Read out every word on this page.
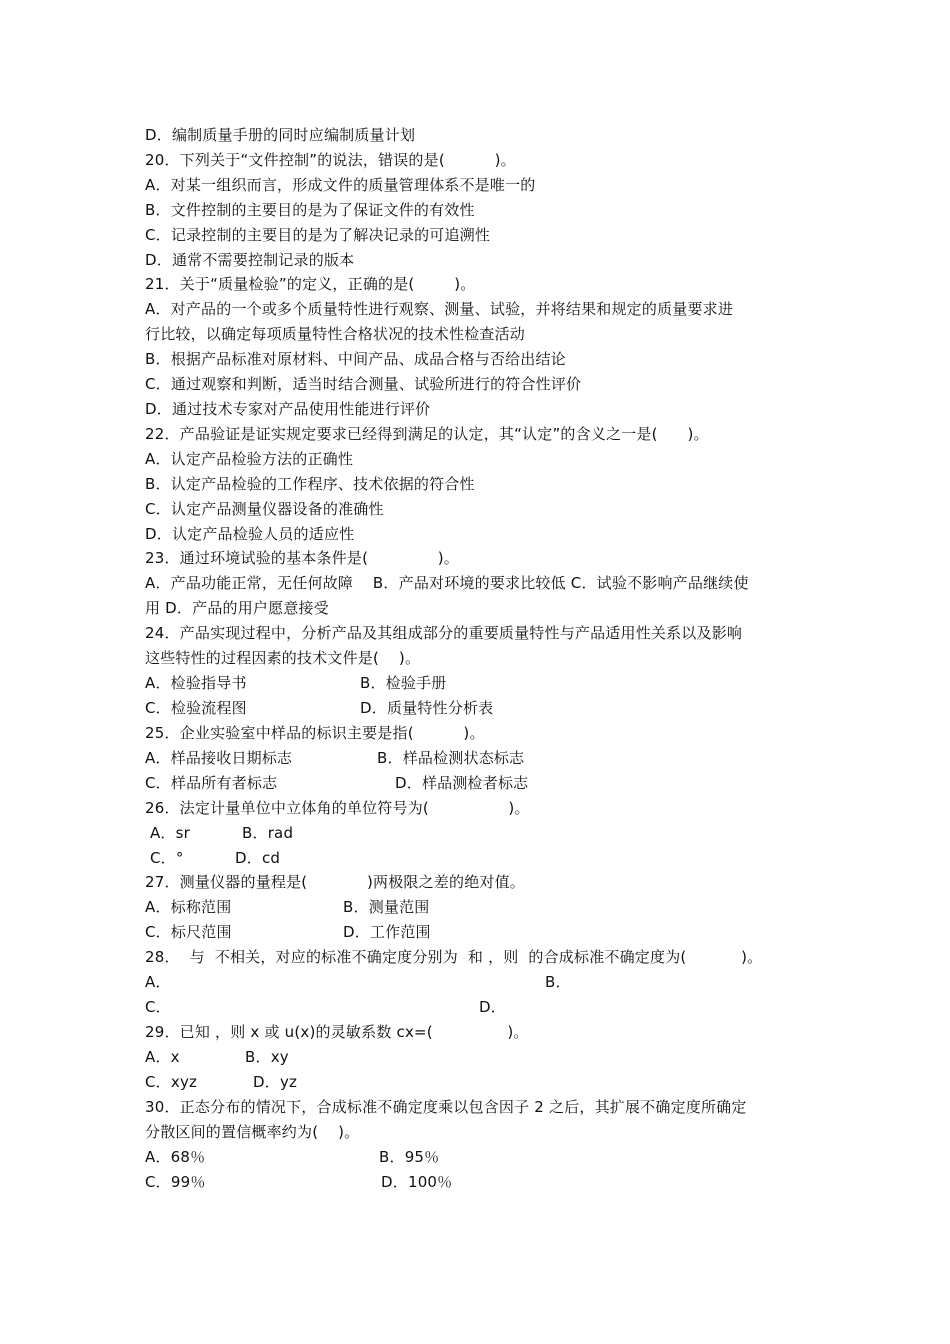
D．编制质量手册的同时应编制质量计划
20．下列关于“文件控制”的说法，错误的是(          )。
A．对某一组织而言，形成文件的质量管理体系不是唯一的
B．文件控制的主要目的是为了保证文件的有效性
C．记录控制的主要目的是为了解决记录的可追溯性
D．通常不需要控制记录的版本
21．关于“质量检验”的定义，正确的是(        )。
A．对产品的一个或多个质量特性进行观察、测量、试验，并将结果和规定的质量要求进
行比较，以确定每项质量特性合格状况的技术性检查活动
B．根据产品标准对原材料、中间产品、成品合格与否给出结论
C．通过观察和判断，适当时结合测量、试验所进行的符合性评价
D．通过技术专家对产品使用性能进行评价
22．产品验证是证实规定要求已经得到满足的认定，其“认定”的含义之一是(      )。
A．认定产品检验方法的正确性
B．认定产品检验的工作程序、技术依据的符合性
C．认定产品测量仪器设备的准确性
D．认定产品检验人员的适应性
23．通过环境试验的基本条件是(              )。
A．产品功能正常，无任何故障    B．产品对环境的要求比较低 C．试验不影响产品继续使
用 D．产品的用户愿意接受
24．产品实现过程中，分析产品及其组成部分的重要质量特性与产品适用性关系以及影响
这些特性的过程因素的技术文件是(    )。

A．检验指导书

	B．检验手册

C．检验流程图

	D．质量特性分析表

25．企业实验室中样品的标识主要是指(          )。

A．样品接收日期标志

	B．样品检测状态标志

C．样品所有者标志

	D．样品测检者标志

26．法定计量单位中立体角的单位符号为(                )。

A．sr

	B．rad

C．°

	D．cd

27．测量仪器的量程是(            )两极限之差的绝对值。

A．标称范围

	B．测量范围

C．标尺范围

	D．工作范围

28．  与  不相关，对应的标准不确定度分别为  和 ，则  的合成标准不确定度为(           )。

A．

	B．

C．

	D．

29．已知 ，则 x 或 u(x)的灵敏系数 cx=(               )。

A．x

	B．xy

C．xyz

	D．yz

30．正态分布的情况下，合成标准不确定度乘以包含因子 2 之后，其扩展不确定度所确定
分散区间的置信概率约为(    )。

A．68％

	B．95％

C．99％

	D．100％
